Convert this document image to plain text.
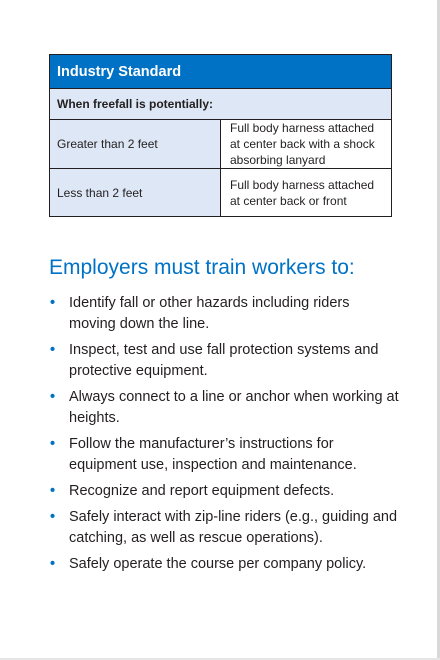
Industry Standard	
When freefall is potentially:	
Greater than 2 feet	Full body harness attached at center back with a shock absorbing lanyard
Less than 2 feet	Full body harness attached at center back or front
Employers must train workers to:
• Identify fall or other hazards including riders moving down the line.
• Inspect, test and use fall protection systems and protective equipment.
• Always connect to a line or anchor when working at heights.
• Follow the manufacturer’s instructions for equipment use, inspection and maintenance.
• Recognize and report equipment defects.
• Safely interact with zip-line riders (e.g., guiding and catching, as well as rescue operations).
• Safely operate the course per company policy.
